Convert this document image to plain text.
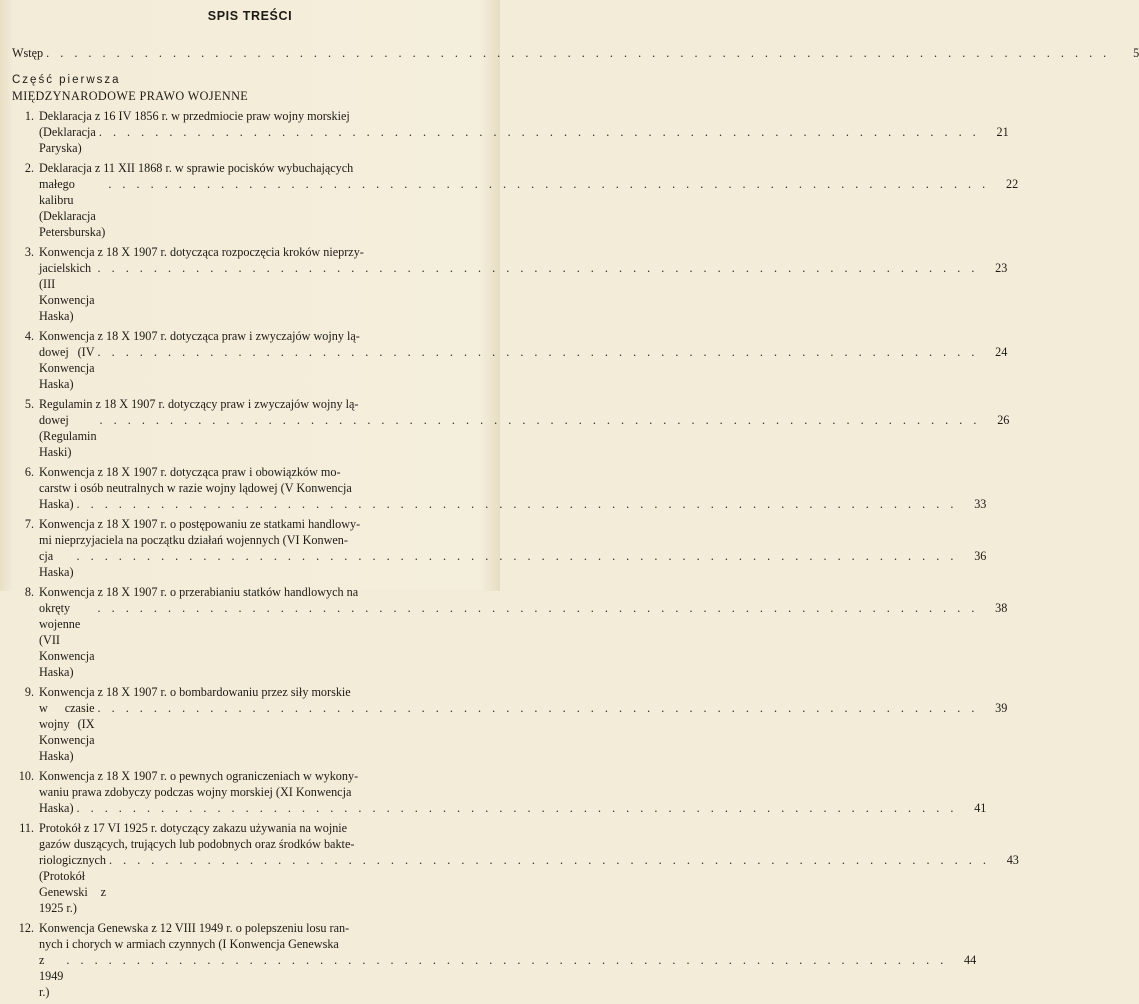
SPIS TREŚCI
Wstęp . . . . . . . . . . . . . . . . . . . . . . . . . . . . . . . . . . . . . . . . . . . . . . . . . . . . . . . . . . . . . . . . . . . . . . . . . . . .	5
Część pierwsza
MIĘDZYNARODOWE PRAWO WOJENNE
1. Deklaracja z 16 IV 1856 r. w przedmiocie praw wojny morskiej
(Deklaracja Paryska)
. . . . . . . . . . . . . . . . . . . . . . . . . . . . . . . . . . . . . . . . . . . . . . . . . . . . . . . . . . . . . . .	21
2. Deklaracja z 11 XII 1868 r. w sprawie pocisków wybuchających
małego kalibru (Deklaracja Petersburska)
. . . . . . . . . . . . . . . . . . . . . . . . . . . . . . . . . . . . . . . . . . . . . . . . . . . . . . . . . . . . . . .	22
3. Konwencja z 18 X 1907 r. dotycząca rozpoczęcia kroków nieprzy-
jacielskich (III Konwencja Haska)
. . . . . . . . . . . . . . . . . . . . . . . . . . . . . . . . . . . . . . . . . . . . . . . . . . . . . . . . . . . . . . .	23
4. Konwencja z 18 X 1907 r. dotycząca praw i zwyczajów wojny lą-
dowej (IV Konwencja Haska)
. . . . . . . . . . . . . . . . . . . . . . . . . . . . . . . . . . . . . . . . . . . . . . . . . . . . . . . . . . . . . . .	24
5. Regulamin z 18 X 1907 r. dotyczący praw i zwyczajów wojny lą-
dowej (Regulamin Haski)
. . . . . . . . . . . . . . . . . . . . . . . . . . . . . . . . . . . . . . . . . . . . . . . . . . . . . . . . . . . . . . .	26
6. Konwencja z 18 X 1907 r. dotycząca praw i obowiązków mo-
carstw i osób neutralnych w razie wojny lądowej (V Konwencja
Haska) . . . . . . . . . . . . . . . . . . . . . . . . . . . . . . . . . . . . . . . . . . . . . . . . . . . . . . . . . . . . . . .	33
7. Konwencja z 18 X 1907 r. o postępowaniu ze statkami handlowy-
mi nieprzyjaciela na początku działań wojennych (VI Konwen-
cja Haska)
. . . . . . . . . . . . . . . . . . . . . . . . . . . . . . . . . . . . . . . . . . . . . . . . . . . . . . . . . . . . . . .	36
8. Konwencja z 18 X 1907 r. o przerabianiu statków handlowych na
okręty wojenne (VII Konwencja Haska)
. . . . . . . . . . . . . . . . . . . . . . . . . . . . . . . . . . . . . . . . . . . . . . . . . . . . . . . . . . . . . . .	38
9. Konwencja z 18 X 1907 r. o bombardowaniu przez siły morskie
w czasie wojny (IX Konwencja Haska)
. . . . . . . . . . . . . . . . . . . . . . . . . . . . . . . . . . . . . . . . . . . . . . . . . . . . . . . . . . . . . . .	39
10. Konwencja z 18 X 1907 r. o pewnych ograniczeniach w wykony-
waniu prawa zdobyczy podczas wojny morskiej (XI Konwencja
Haska) . . . . . . . . . . . . . . . . . . . . . . . . . . . . . . . . . . . . . . . . . . . . . . . . . . . . . . . . . . . . . . .	41
11. Protokół z 17 VI 1925 r. dotyczący zakazu używania na wojnie
gazów duszących, trujących lub podobnych oraz środków bakte-
riologicznych (Protokół Genewski z 1925 r.)
. . . . . . . . . . . . . . . . . . . . . . . . . . . . . . . . . . . . . . . . . . . . . . . . . . . . . . . . . . . . . . .	43
12. Konwencja Genewska z 12 VIII 1949 r. o polepszeniu losu ran-
nych i chorych w armiach czynnych (I Konwencja Genewska
z 1949 r.)
. . . . . . . . . . . . . . . . . . . . . . . . . . . . . . . . . . . . . . . . . . . . . . . . . . . . . . . . . . . . . . .	44
